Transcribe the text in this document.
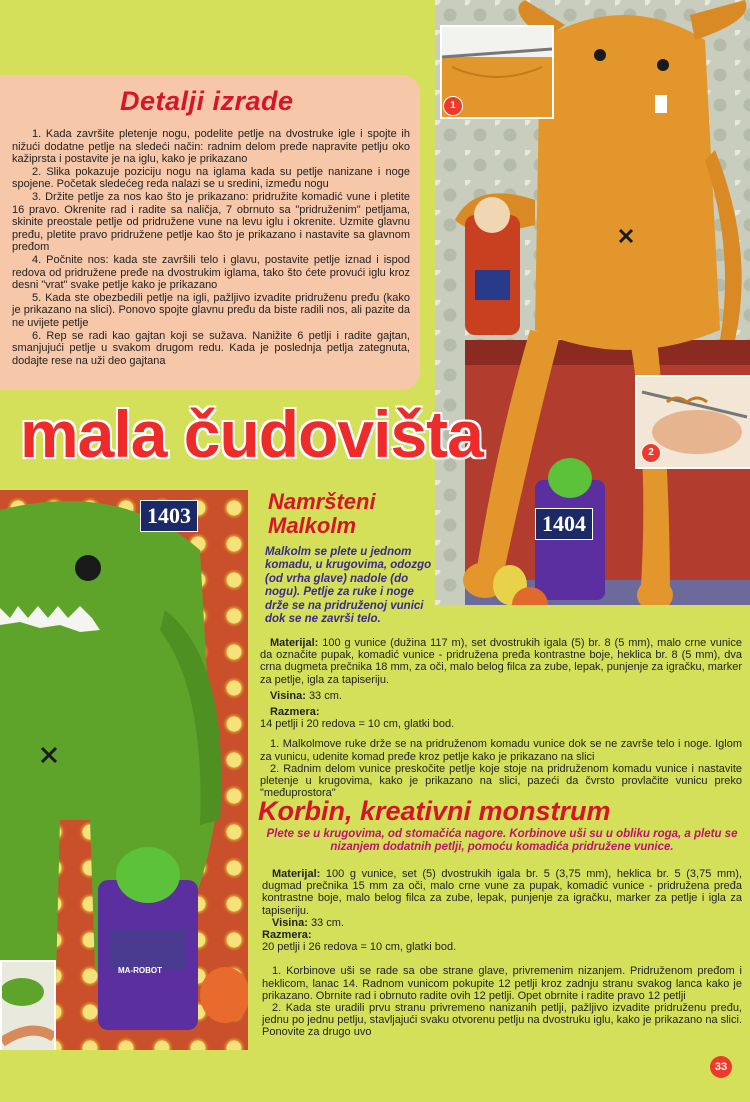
1
2
1404
MA-ROBOT
1403
Detalji izrade

1. Kada završite pletenje nogu, podelite petlje na dvostruke igle i spojte ih nižući dodatne petlje na sledeći način: radnim delom pređe napravite petlju oko kažiprsta i postavite je na iglu, kako je prikazano

2. Slika pokazuje poziciju nogu na iglama kada su petlje nanizane i noge spojene. Početak sledećeg reda nalazi se u sredini, između nogu

3. Držite petlje za nos kao što je prikazano: pridružite komadić vune i pletite 16 pravo. Okrenite rad i radite sa naličja, 7 obrnuto sa "pridruženim" petljama, skinite preostale petlje od pridružene vune na levu iglu i okrenite. Uzmite glavnu pređu, pletite pravo pridružene petlje kao što je prikazano i nastavite sa glavnom pređom

4. Počnite nos: kada ste završili telo i glavu, postavite petlje iznad i ispod redova od pridružene pređe na dvostrukim iglama, tako što ćete provući iglu kroz desni "vrat" svake petlje kako je prikazano

5. Kada ste obezbedili petlje na igli, pažljivo izvadite pridruženu pređu (kako je prikazano na slici). Ponovo spojte glavnu pređu da biste radili nos, ali pazite da ne uvijete petlje

6. Rep se radi kao gajtan koji se sužava. Nanižite 6 petlji i radite gajtan, smanjujući petlje u svakom drugom redu. Kada je poslednja petlja zategnuta, dodajte rese na uži deo gajtana

mala čudovišta
Namršteni
Malkolm
Malkolm se plete u jednom komadu, u krugovima, odozgo (od vrha glave) nadole (do nogu). Petlje za ruke i noge drže se na pridruženoj vunici dok se ne završi telo.

Materijal: 100 g vunice (dužina 117 m), set dvostrukih igala (5) br. 8 (5 mm), malo crne vunice da označite pupak, komadić vunice - pridružena pređa kontrastne boje, heklica br. 8 (5 mm), dva crna dugmeta prečnika 18 mm, za oči, malo belog filca za zube, lepak, punjenje za igračku, marker za petlje, igla za tapiseriju.

Visina: 33 cm.

Razmera:

14 petlji i 20 redova = 10 cm, glatki bod.

1. Malkolmove ruke drže se na pridruženom komadu vunice dok se ne završe telo i noge. Iglom za vunicu, udenite komad pređe kroz petlje kako je prikazano na slici

2. Radnim delom vunice preskočite petlje koje stoje na pridruženom komadu vunice i nastavite pletenje u krugovima, kako je prikazano na slici, pazeći da čvrsto provlačite vunicu preko "međuprostora"

Korbin, kreativni monstrum
Plete se u krugovima, od stomačića nagore. Korbinove uši su u obliku roga, a pletu se nizanjem dodatnih petlji, pomoću komadića pridružene vunice.

Materijal: 100 g vunice, set (5) dvostrukih igala br. 5 (3,75 mm), heklica br. 5 (3,75 mm), dugmad prečnika 15 mm za oči, malo crne vune za pupak, komadić vunice - pridružena pređa kontrastne boje, malo belog filca za zube, lepak, punjenje za igračku, marker za petlje i igla za tapiseriju.

Visina: 33 cm.

Razmera:

20 petlji i 26 redova = 10 cm, glatki bod.

1. Korbinove uši se rade sa obe strane glave, privremenim nizanjem. Pridruženom pređom i heklicom, lanac 14. Radnom vunicom pokupite 12 petlji kroz zadnju stranu svakog lanca kako je prikazano. Obrnite rad i obrnuto radite ovih 12 petlji. Opet obrnite i radite pravo 12 petlji

2. Kada ste uradili prvu stranu privremeno nanizanih petlji, pažljivo izvadite pridruženu pređu, jednu po jednu petlju, stavljajući svaku otvorenu petlju na dvostruku iglu, kako je prikazano na slici. Ponovite za drugo uvo

33
